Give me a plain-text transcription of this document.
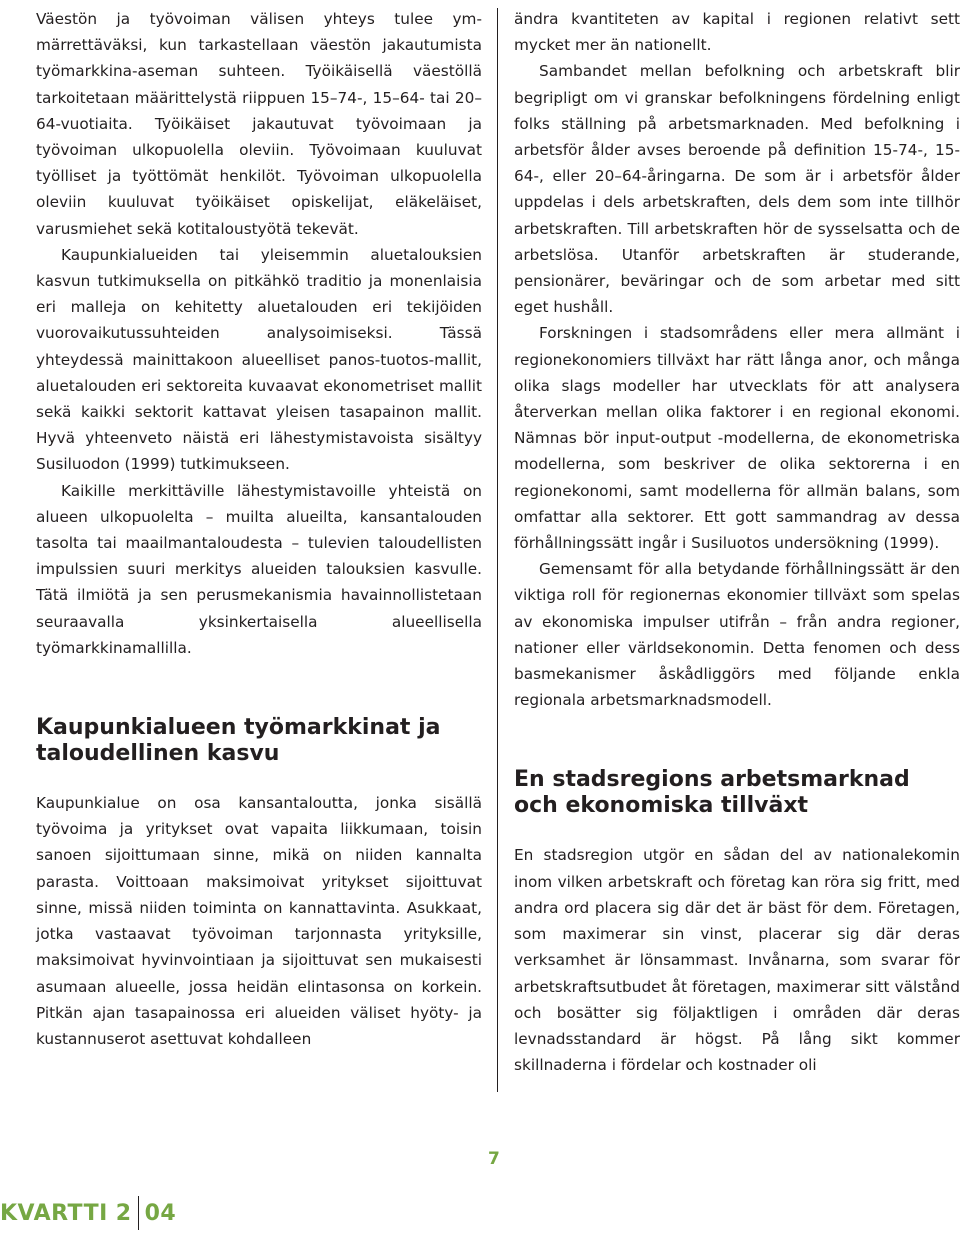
Väestön ja työvoiman välisen yhteys tulee ymmärrettäväksi, kun tarkastellaan väestön jakautumista työmarkkina-aseman suhteen. Työikäisellä väestöllä tarkoitetaan määrittelystä riippuen 15–74-, 15–64- tai 20–64-vuotiaita. Työikäiset jakautuvat työvoimaan ja työvoiman ulkopuolella oleviin. Työvoimaan kuuluvat työlliset ja työttömät henkilöt. Työvoiman ulkopuolella oleviin kuuluvat työikäiset opiskelijat, eläkeläiset, varusmiehet sekä kotitaloustyötä tekevät.

Kaupunkialueiden tai yleisemmin aluetalouksien kasvun tutkimuksella on pitkähkö traditio ja monenlaisia eri malleja on kehitetty aluetalouden eri tekijöiden vuorovaikutussuhteiden analysoimiseksi. Tässä yhteydessä mainittakoon alueelliset panos-tuotos-mallit, aluetalouden eri sektoreita kuvaavat ekonometriset mallit sekä kaikki sektorit kattavat yleisen tasapainon mallit. Hyvä yhteenveto näistä eri lähestymistavoista sisältyy Susiluodon (1999) tutkimukseen.

Kaikille merkittäville lähestymistavoille yhteistä on alueen ulkopuolelta – muilta alueilta, kansantalouden tasolta tai maailmantaloudesta – tulevien taloudellisten impulssien suuri merkitys alueiden talouksien kasvulle. Tätä ilmiötä ja sen perusmekanismia havainnollistetaan seuraavalla yksinkertaisella alueellisella työmarkkinamallilla.

Kaupunkialueen työmarkkinat ja taloudellinen kasvu

Kaupunkialue on osa kansantaloutta, jonka sisällä työvoima ja yritykset ovat vapaita liikkumaan, toisin sanoen sijoittumaan sinne, mikä on niiden kannalta parasta. Voittoaan maksimoivat yritykset sijoittuvat sinne, missä niiden toiminta on kannattavinta. Asukkaat, jotka vastaavat työvoiman tarjonnasta yrityksille, maksimoivat hyvinvointiaan ja sijoittuvat sen mukaisesti asumaan alueelle, jossa heidän elintasonsa on korkein. Pitkän ajan tasapainossa eri alueiden väliset hyöty- ja kustannuserot asettuvat kohdalleen

ändra kvantiteten av kapital i regionen relativt sett mycket mer än nationellt.

Sambandet mellan befolkning och arbetskraft blir begripligt om vi granskar befolkningens fördelning enligt folks ställning på arbetsmarknaden. Med befolkning i arbetsför ålder avses beroende på definition 15-74-, 15-64-, eller 20–64-åringarna. De som är i arbetsför ålder uppdelas i dels arbetskraften, dels dem som inte tillhör arbetskraften. Till arbetskraften hör de sysselsatta och de arbetslösa. Utanför arbetskraften är studerande, pensionärer, beväringar och de som arbetar med sitt eget hushåll.

Forskningen i stadsområdens eller mera allmänt i regionekonomiers tillväxt har rätt långa anor, och många olika slags modeller har utvecklats för att analysera återverkan mellan olika faktorer i en regional ekonomi. Nämnas bör input-output -modellerna, de ekonometriska modellerna, som beskriver de olika sektorerna i en regionekonomi, samt modellerna för allmän balans, som omfattar alla sektorer. Ett gott sammandrag av dessa förhållningssätt ingår i Susiluotos undersökning (1999).

Gemensamt för alla betydande förhållningssätt är den viktiga roll för regionernas ekonomier tillväxt som spelas av ekonomiska impulser utifrån – från andra regioner, nationer eller världsekonomin. Detta fenomen och dess basmekanismer åskådliggörs med följande enkla regionala arbetsmarknadsmodell.

En stadsregions arbetsmarknad och ekonomiska tillväxt

En stadsregion utgör en sådan del av nationalekomin inom vilken arbetskraft och företag kan röra sig fritt, med andra ord placera sig där det är bäst för dem. Företagen, som maximerar sin vinst, placerar sig där deras verksamhet är lönsammast. Invånarna, som svarar för arbetskraftsutbudet åt företagen, maximerar sitt välstånd och bosätter sig följaktligen i områden där deras levnadsstandard är högst. På lång sikt kommer skillnaderna i fördelar och kostnader oli

7
KVARTTI 2 04
